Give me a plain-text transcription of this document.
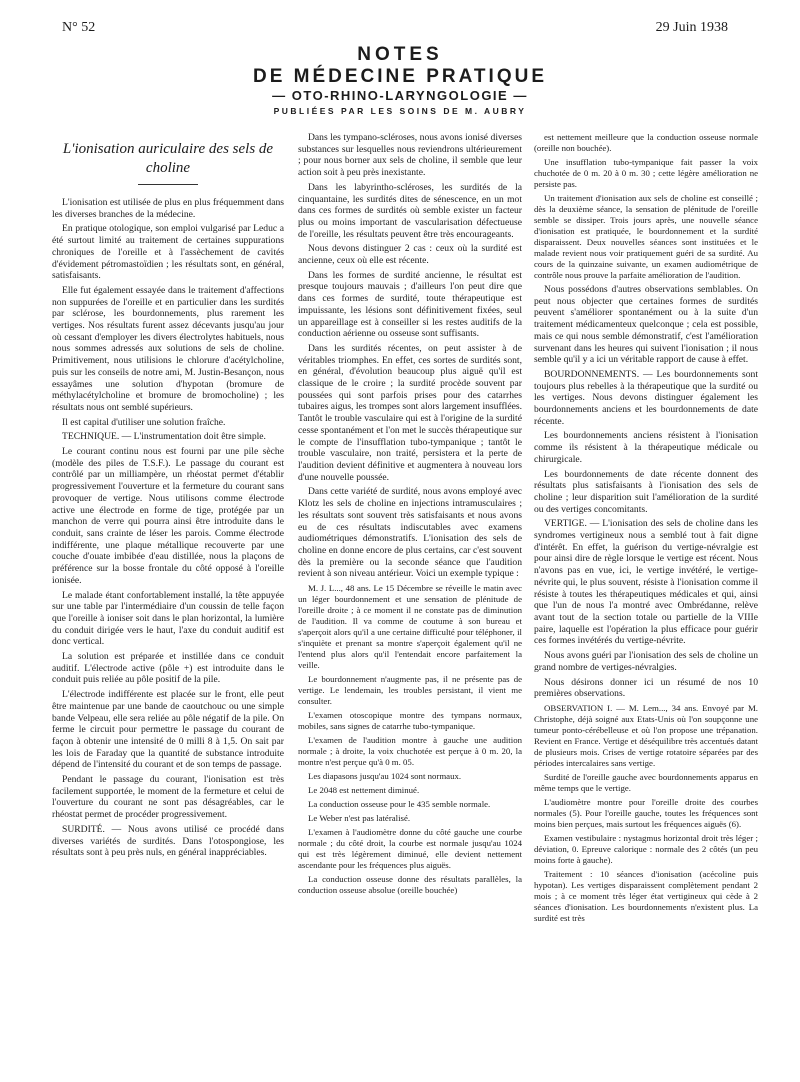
N° 52	29 Juin 1938
NOTES
DE MÉDECINE PRATIQUE
— OTO-RHINO-LARYNGOLOGIE —
PUBLIÉES PAR LES SOINS DE M. AUBRY
L'ionisation auriculaire des sels de choline

L'ionisation est utilisée de plus en plus fréquemment dans les diverses branches de la médecine.

En pratique otologique, son emploi vulgarisé par Leduc a été surtout limité au traitement de certaines suppurations chroniques de l'oreille et à l'assèchement de cavités d'évidement pétromastoïdien ; les résultats sont, en général, satisfaisants.

Elle fut également essayée dans le traitement d'affections non suppurées de l'oreille et en particulier dans les surdités par sclérose, les bourdonnements, plus rarement les vertiges. Nos résultats furent assez décevants jusqu'au jour où cessant d'employer les divers électrolytes habituels, nous nous sommes adressés aux solutions de sels de choline. Primitivement, nous utilisions le chlorure d'acétylcholine, puis sur les conseils de notre ami, M. Justin-Besançon, nous essayâmes une solution d'hypotan (bromure de méthylacétylcholine et bromure de bromocholine) ; les résultats nous ont semblé supérieurs.

Il est capital d'utiliser une solution fraîche.

TECHNIQUE. — L'instrumentation doit être simple.

Le courant continu nous est fourni par une pile sèche (modèle des piles de T.S.F.). Le passage du courant est contrôlé par un milliampère, un rhéostat permet d'établir progressivement l'ouverture et la fermeture du courant sans provoquer de vertige. Nous utilisons comme électrode active une électrode en forme de tige, protégée par un manchon de verre qui pourra ainsi être introduite dans le conduit, sans crainte de léser les parois. Comme électrode indifférente, une plaque métallique recouverte par une couche d'ouate imbibée d'eau distillée, nous la plaçons de préférence sur la bosse frontale du côté opposé à l'oreille ionisée.

Le malade étant confortablement installé, la tête appuyée sur une table par l'intermédiaire d'un coussin de telle façon que l'oreille à ioniser soit dans le plan horizontal, la lumière du conduit dirigée vers le haut, l'axe du conduit auditif est donc vertical.

La solution est préparée et instillée dans ce conduit auditif. L'électrode active (pôle +) est introduite dans le conduit puis reliée au pôle positif de la pile.

L'électrode indifférente est placée sur le front, elle peut être maintenue par une bande de caoutchouc ou une simple bande Velpeau, elle sera reliée au pôle négatif de la pile. On ferme le circuit pour permettre le passage du courant de façon à obtenir une intensité de 0 milli 8 à 1,5. On sait par les lois de Faraday que la quantité de substance introduite dépend de l'intensité du courant et de son temps de passage.

Pendant le passage du courant, l'ionisation est très facilement supportée, le moment de la fermeture et celui de l'ouverture du courant ne sont pas désagréables, car le rhéostat permet de procéder progressivement.

SURDITÉ. — Nous avons utilisé ce procédé dans diverses variétés de surdités. Dans l'otospongiose, les résultats sont à peu près nuls, en général inappréciables.

Dans les tympano-scléroses, nous avons ionisé diverses substances sur lesquelles nous reviendrons ultérieurement ; pour nous borner aux sels de choline, il semble que leur action soit à peu près inexistante.

Dans les labyrintho-scléroses, les surdités de la cinquantaine, les surdités dites de sénescence, en un mot dans ces formes de surdités où semble exister un facteur plus ou moins important de vascularisation défectueuse de l'oreille, les résultats peuvent être très encourageants.

Nous devons distinguer 2 cas : ceux où la surdité est ancienne, ceux où elle est récente.

Dans les formes de surdité ancienne, le résultat est presque toujours mauvais ; d'ailleurs l'on peut dire que dans ces formes de surdité, toute thérapeutique est impuissante, les lésions sont définitivement fixées, seul un appareillage est à conseiller si les restes auditifs de la conduction aérienne ou osseuse sont suffisants.

Dans les surdités récentes, on peut assister à de véritables triomphes. En effet, ces sortes de surdités sont, en général, d'évolution beaucoup plus aiguë qu'il est classique de le croire ; la surdité procède souvent par poussées qui sont parfois prises pour des catarrhes tubaires aigus, les trompes sont alors largement insufflées. Tantôt le trouble vasculaire qui est à l'origine de la surdité cesse spontanément et l'on met le succès thérapeutique sur le compte de l'insufflation tubo-tympanique ; tantôt le trouble vasculaire, non traité, persistera et la perte de l'audition devient définitive et augmentera à nouveau lors d'une nouvelle poussée.

Dans cette variété de surdité, nous avons employé avec Klotz les sels de choline en injections intramusculaires ; les résultats sont souvent très satisfaisants et nous avons eu de ces résultats indiscutables avec examens audiométriques démonstratifs. L'ionisation des sels de choline en donne encore de plus certains, car c'est souvent dès la première ou la seconde séance que l'audition revient à son niveau antérieur. Voici un exemple typique :

M. J. L..., 48 ans. Le 15 Décembre se réveille le matin avec un léger bourdonnement et une sensation de plénitude de l'oreille droite ; à ce moment il ne constate pas de diminution de l'audition. Il va comme de coutume à son bureau et s'aperçoit alors qu'il a une certaine difficulté pour téléphoner, il s'inquiète et prenant sa montre s'aperçoit également qu'il ne l'entend plus alors qu'il l'entendait encore parfaitement la veille.

Le bourdonnement n'augmente pas, il ne présente pas de vertige. Le lendemain, les troubles persistant, il vient me consulter.

L'examen otoscopique montre des tympans normaux, mobiles, sans signes de catarrhe tubo-tympanique.

L'examen de l'audition montre à gauche une audition normale ; à droite, la voix chuchotée est perçue à 0 m. 20, la montre n'est perçue qu'à 0 m. 05.

Les diapasons jusqu'au 1024 sont normaux.

Le 2048 est nettement diminué.

La conduction osseuse pour le 435 semble normale.

Le Weber n'est pas latéralisé.

L'examen à l'audiomètre donne du côté gauche une courbe normale ; du côté droit, la courbe est normale jusqu'au 1024 qui est très légèrement diminué, elle devient nettement ascendante pour les fréquences plus aiguës.

La conduction osseuse donne des résultats parallèles, la conduction osseuse absolue (oreille bouchée)

est nettement meilleure que la conduction osseuse normale (oreille non bouchée).

Une insufflation tubo-tympanique fait passer la voix chuchotée de 0 m. 20 à 0 m. 30 ; cette légère amélioration ne persiste pas.

Un traitement d'ionisation aux sels de choline est conseillé ; dès la deuxième séance, la sensation de plénitude de l'oreille semble se dissiper. Trois jours après, une nouvelle séance d'ionisation est pratiquée, le bourdonnement et la surdité disparaissent. Deux nouvelles séances sont instituées et le malade revient nous voir pratiquement guéri de sa surdité. Au cours de la quinzaine suivante, un examen audiométrique de contrôle nous prouve la parfaite amélioration de l'audition.

Nous possédons d'autres observations semblables. On peut nous objecter que certaines formes de surdités peuvent s'améliorer spontanément ou à la suite d'un traitement médicamenteux quelconque ; cela est possible, mais ce qui nous semble démonstratif, c'est l'amélioration survenant dans les heures qui suivent l'ionisation ; il nous semble qu'il y a ici un véritable rapport de cause à effet.

BOURDONNEMENTS. — Les bourdonnements sont toujours plus rebelles à la thérapeutique que la surdité ou les vertiges. Nous devons distinguer également les bourdonnements anciens et les bourdonnements de date récente.

Les bourdonnements anciens résistent à l'ionisation comme ils résistent à la thérapeutique médicale ou chirurgicale.

Les bourdonnements de date récente donnent des résultats plus satisfaisants à l'ionisation des sels de choline ; leur disparition suit l'amélioration de la surdité ou des vertiges concomitants.

VERTIGE. — L'ionisation des sels de choline dans les syndromes vertigineux nous a semblé tout à fait digne d'intérêt. En effet, la guérison du vertige-névralgie est pour ainsi dire de règle lorsque le vertige est récent. Nous n'avons pas en vue, ici, le vertige invétéré, le vertige-névrite qui, le plus souvent, résiste à l'ionisation comme il résiste à toutes les thérapeutiques médicales et qui, ainsi que l'un de nous l'a montré avec Ombrédanne, relève avant tout de la section totale ou partielle de la VIIIe paire, laquelle est l'opération la plus efficace pour guérir ces formes invétérés du vertige-névrite.

Nous avons guéri par l'ionisation des sels de choline un grand nombre de vertiges-névralgies.

Nous désirons donner ici un résumé de nos 10 premières observations.

OBSERVATION I. — M. Lem..., 34 ans. Envoyé par M. Christophe, déjà soigné aux Etats-Unis où l'on soupçonne une tumeur ponto-cérébelleuse et où l'on propose une trépanation. Revient en France. Vertige et déséquilibre très accentués datant de plusieurs mois. Crises de vertige rotatoire séparées par des périodes intercalaires sans vertige.

Surdité de l'oreille gauche avec bourdonnements apparus en même temps que le vertige.

L'audiomètre montre pour l'oreille droite des courbes normales (5). Pour l'oreille gauche, toutes les fréquences sont moins bien perçues, mais surtout les fréquences aiguës (6).

Examen vestibulaire : nystagmus horizontal droit très léger ; déviation, 0. Epreuve calorique : normale des 2 côtés (un peu moins forte à gauche).

Traitement : 10 séances d'ionisation (acécoline puis hypotan). Les vertiges disparaissent complètement pendant 2 mois ; à ce moment très léger état vertigineux qui cède à 2 séances d'ionisation. Les bourdonnements n'existent plus. La surdité est très
